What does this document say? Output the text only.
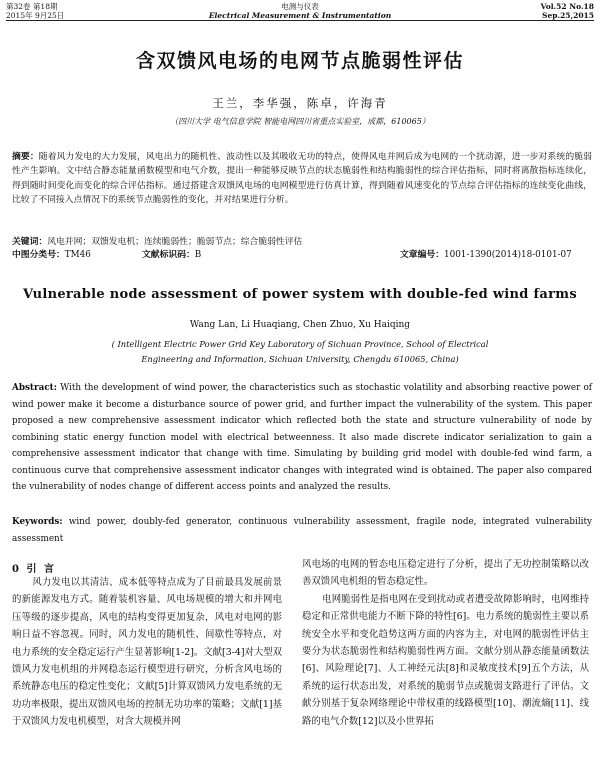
第32卷 第18期
2015年 9月25日
电测与仪表
Electrical Measurement & Instrumentation
Vol.52 No.18
Sep.25,2015
含双馈风电场的电网节点脆弱性评估
王兰，李华强，陈卓，许海青
（四川大学 电气信息学院 智能电网四川省重点实验室，成都，610065）
摘要：随着风力发电的大力发展，风电出力的随机性、波动性以及其吸收无功的特点，使得风电并网后成为电网的一个扰动源，进一步对系统的脆弱性产生影响。文中结合静态能量函数模型和电气介数，提出一种能够反映节点的状态脆弱性和结构脆弱性的综合评估指标，同时将离散指标连续化，得到随时间变化而变化的综合评估指标。通过搭建含双馈风电场的电网模型进行仿真计算，得到随着风速变化的节点综合评估指标的连续变化曲线，比较了不同接入点情况下的系统节点脆弱性的变化，并对结果进行分析。
关键词：风电并网；双馈发电机；连续脆弱性；脆弱节点；综合脆弱性评估
中图分类号：TM46	文献标识码：B	文章编号：1001-1390(2014)18-0101-07
Vulnerable node assessment of power system with double-fed wind farms
Wang Lan, Li Huaqiang, Chen Zhuo, Xu Haiqing
( Intelligent Electric Power Grid Key Laboratory of Sichuan Province, School of Electrical
Engineering and Information, Sichuan University, Chengdu 610065, China)
Abstract: With the development of wind power, the characteristics such as stochastic volatility and absorbing reactive power of wind power make it become a disturbance source of power grid, and further impact the vulnerability of the system. This paper proposed a new comprehensive assessment indicator which reflected both the state and structure vulnerability of node by combining static energy function model with electrical betweenness. It also made discrete indicator serialization to gain a comprehensive assessment indicator that change with time. Simulating by building grid model with double-fed wind farm, a continuous curve that comprehensive assessment indicator changes with integrated wind is obtained. The paper also compared the vulnerability of nodes change of different access points and analyzed the results.
Keywords: wind power, doubly-fed generator, continuous vulnerability assessment, fragile node, integrated vulnerability assessment
0 引 言
风力发电以其清洁、成本低等特点成为了目前最具发展前景的新能源发电方式。随着装机容量、风电场规模的增大和并网电压等级的逐步提高，风电的结构变得更加复杂，风电对电网的影响日益不容忽视。同时，风力发电的随机性、间歇性等特点，对电力系统的安全稳定运行产生显著影响[1-2]。文献[3-4]对大型双馈风力发电机组的并网稳态运行模型进行研究，分析含风电场的系统静态电压的稳定性变化；文献[5]计算双馈风力发电系统的无功功率极限，提出双馈风电场的控制无功功率的策略；文献[1]基于双馈风力发电机模型，对含大规模并网
风电场的电网的暂态电压稳定进行了分析，提出了无功控制策略以改善双馈风电机组的暂态稳定性。
电网脆弱性是指电网在受到扰动或者遭受故障影响时，电网维持稳定和正常供电能力不断下降的特性[6]。电力系统的脆弱性主要以系统安全水平和变化趋势这两方面的内容为主，对电网的脆弱性评估主要分为状态脆弱性和结构脆弱性两方面。文献分别从静态能量函数法[6]、风险理论[7]、人工神经元法[8]和灵敏度技术[9]五个方法，从系统的运行状态出发，对系统的脆弱节点或脆弱支路进行了评估。文献分别基于复杂网络理论中带权重的线路模型[10]、潮流熵[11]、线路的电气介数[12]以及小世界拓
